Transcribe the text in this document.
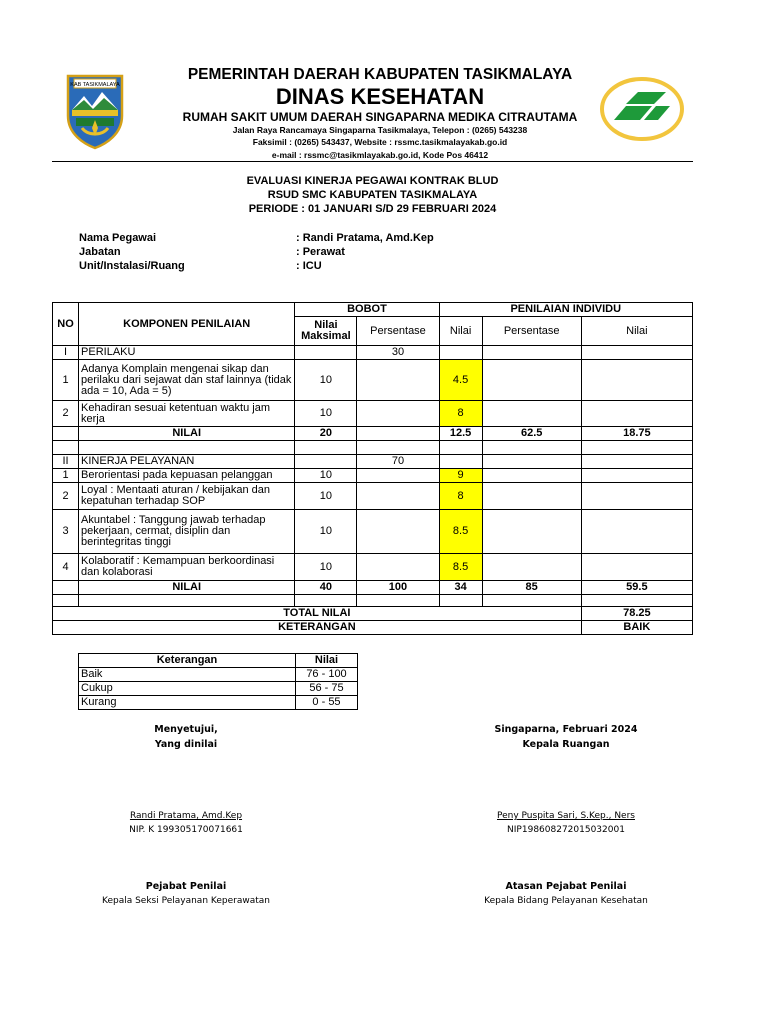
KAB TASIKMALAYA
PEMERINTAH DAERAH KABUPATEN TASIKMALAYA
DINAS KESEHATAN
RUMAH SAKIT UMUM DAERAH SINGAPARNA MEDIKA CITRAUTAMA
Jalan Raya Rancamaya Singaparna Tasikmalaya, Telepon : (0265) 543238
Faksimil : (0265) 543437, Website : rssmc.tasikmalayakab.go.id
e-mail : rssmc@tasikmlayakab.go.id, Kode Pos 46412
EVALUASI KINERJA PEGAWAI KONTRAK BLUD
RSUD SMC KABUPATEN TASIKMALAYA
PERIODE : 01 JANUARI S/D 29 FEBRUARI 2024
Nama Pegawai	: Randi Pratama, Amd.Kep
Jabatan	: Perawat
Unit/Instalasi/Ruang	: ICU
NO	KOMPONEN PENILAIAN	BOBOT		PENILAIAN INDIVIDU		
		Nilai Maksimal	Persentase	Nilai	Persentase	Nilai

I	PERILAKU		30			
1	Adanya Komplain mengenai sikap dan perilaku dari sejawat dan staf lainnya (tidak ada = 10, Ada = 5)	10		4.5		
2	Kehadiran sesuai ketentuan waktu jam kerja	10		8		
	NILAI	20		12.5	62.5	18.75

II	KINERJA PELAYANAN		70			
1	Berorientasi pada kepuasan pelanggan	10		9		
2	Loyal : Mentaati aturan / kebijakan dan kepatuhan terhadap SOP	10		8		
3	Akuntabel : Tanggung jawab terhadap pekerjaan, cermat, disiplin dan berintegritas tinggi	10		8.5		
4	Kolaboratif : Kemampuan berkoordinasi dan kolaborasi	10		8.5		
	NILAI	40	100	34	85	59.5

TOTAL NILAI						78.25
KETERANGAN						BAIK
Keterangan	Nilai
Baik	76 - 100
Cukup	56 - 75
Kurang	0 - 55
Menyetujui,
Yang dinilai
Singaparna, Februari 2024
Kepala Ruangan
Randi Pratama, Amd.Kep
NIP. K 199305170071661
Peny Puspita Sari, S.Kep., Ners
NIP198608272015032001
Pejabat Penilai
Kepala Seksi Pelayanan Keperawatan
Atasan Pejabat Penilai
Kepala Bidang Pelayanan Kesehatan
